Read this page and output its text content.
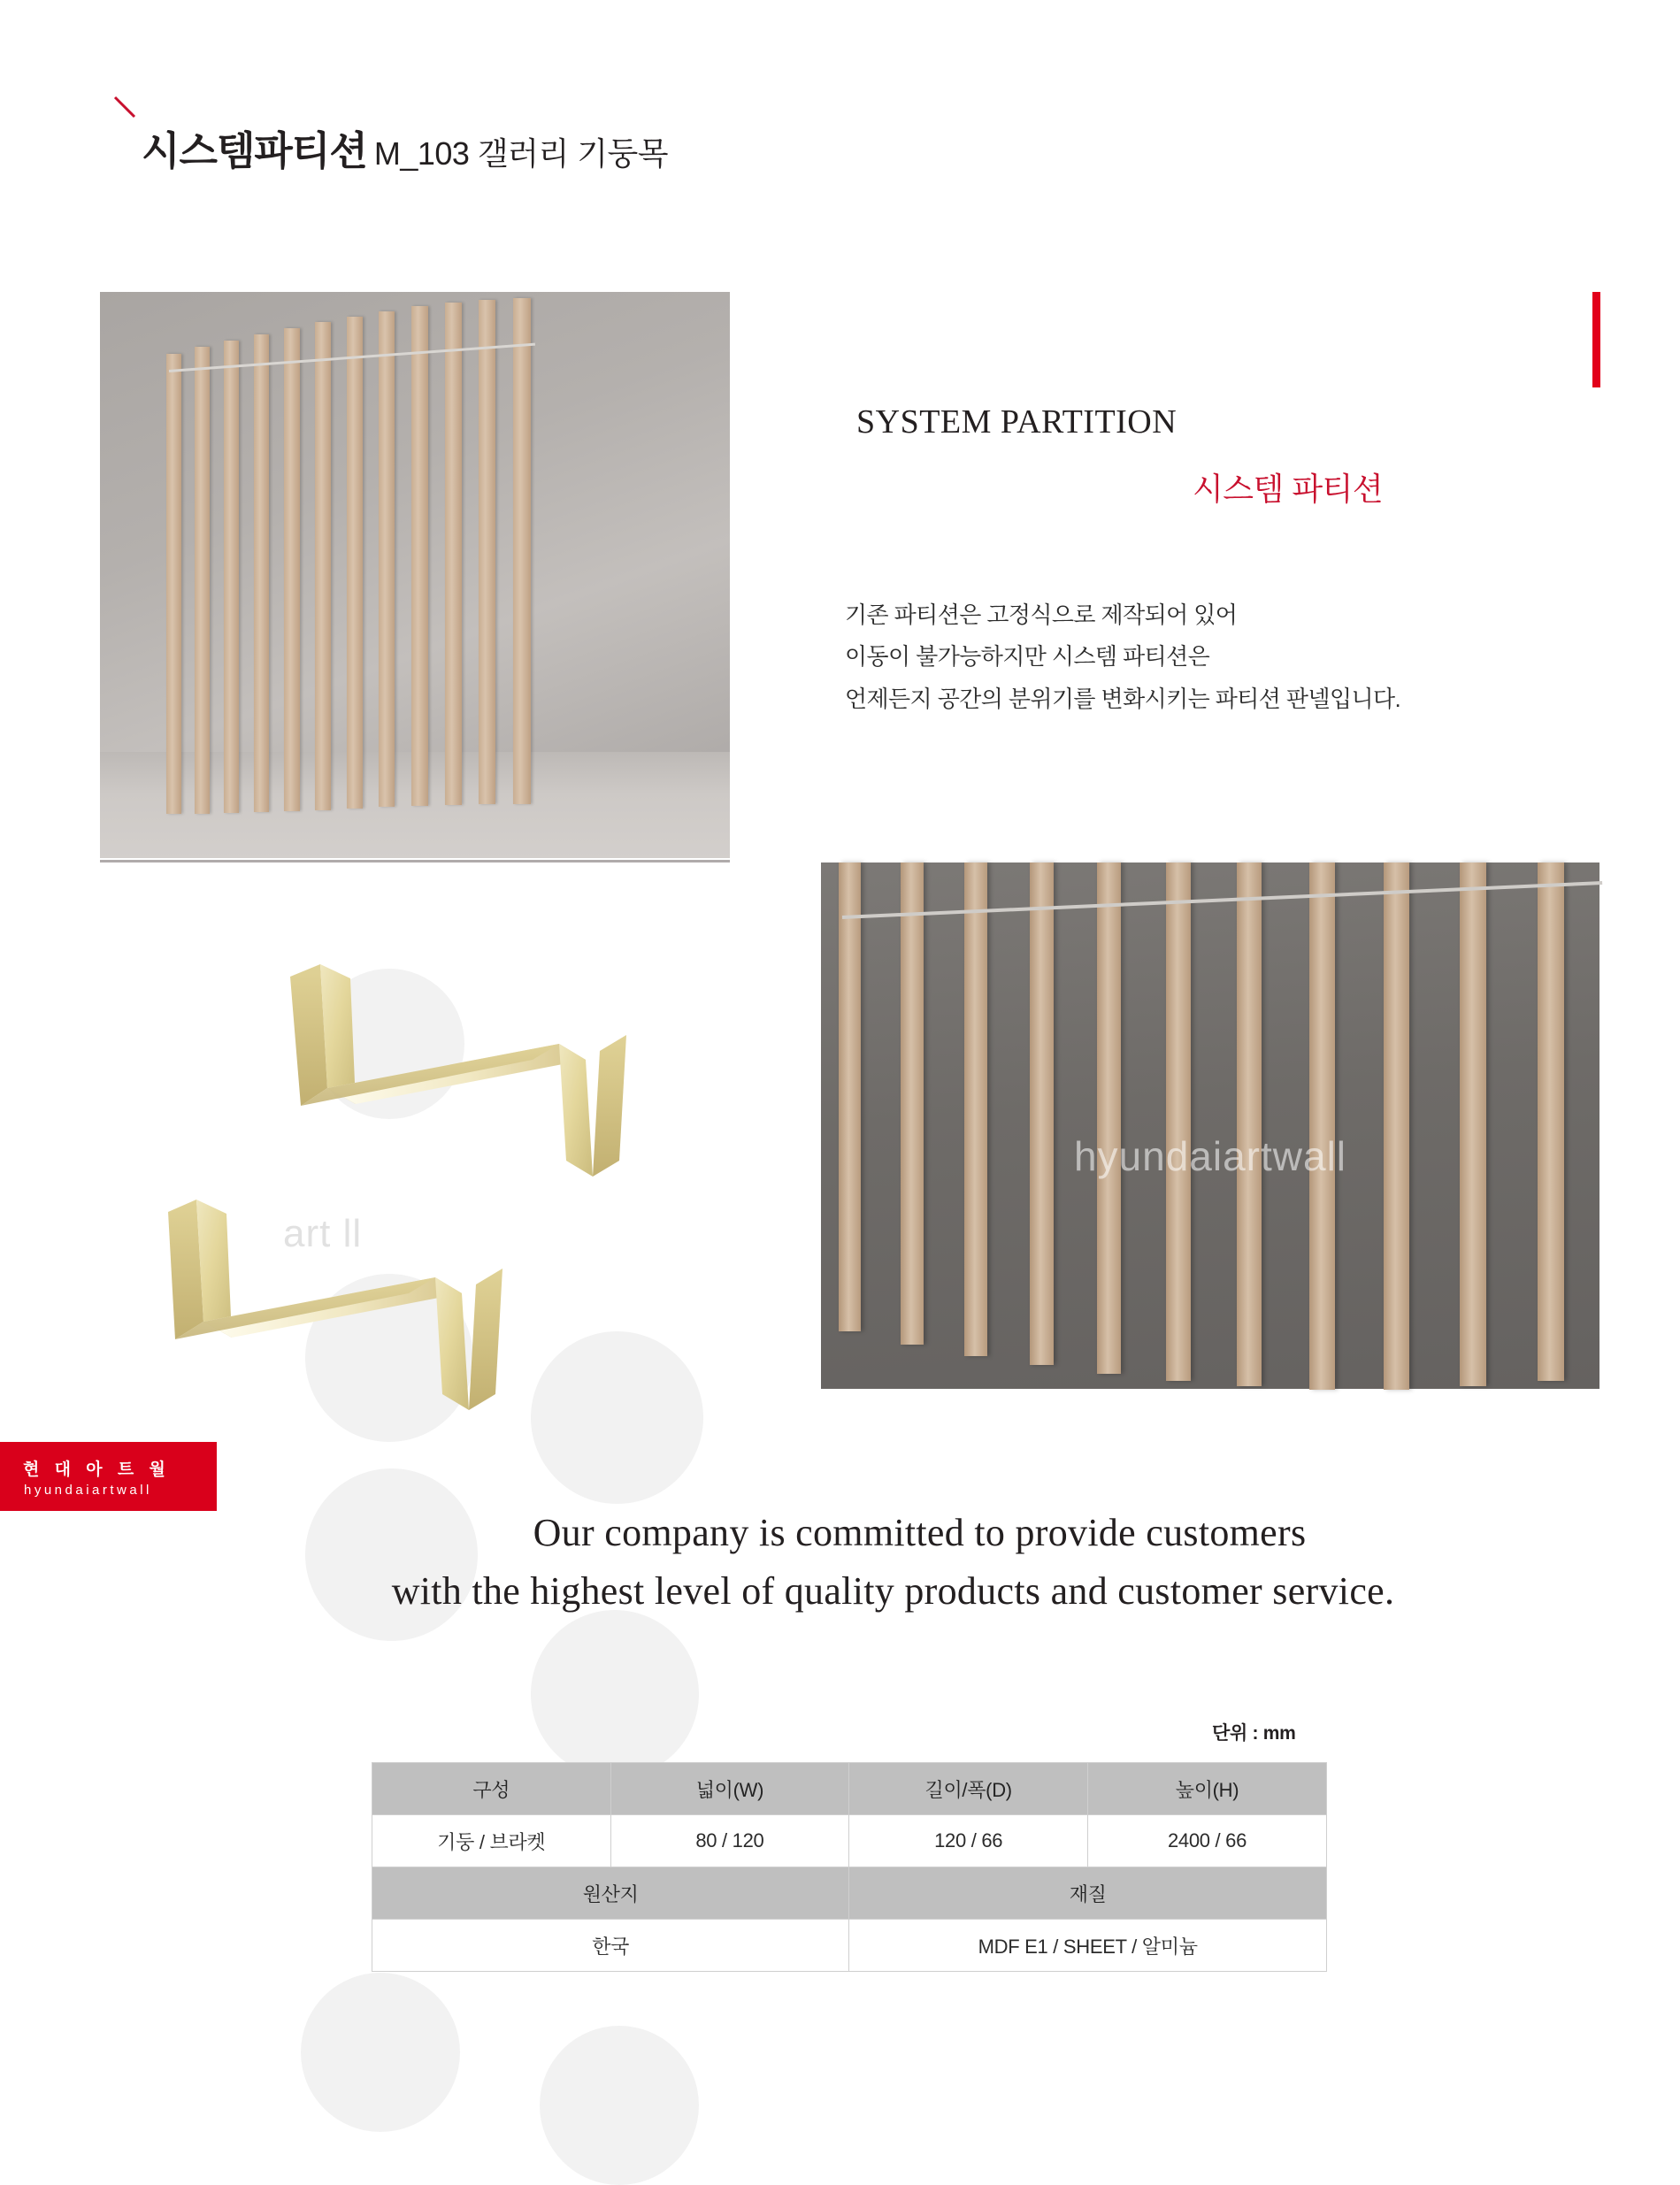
시스템파티션 M_103 갤러리 기둥목
hyundaiartwall
SYSTEM PARTITION
시스템 파티션
기존 파티션은 고정식으로 제작되어 있어
이동이 불가능하지만 시스템 파티션은
언제든지 공간의 분위기를 변화시키는 파티션 판넬입니다.
art ll
hyundaiartwall
현 대 아 트 월
hyundaiartwall
Our company is committed to provide customers
with the highest level of quality products and customer service.
단위 : mm
구성	넓이(W)	길이/폭(D)	높이(H)
기둥 / 브라켓	80 / 120	120 / 66	2400 / 66
원산지		재질	
한국		MDF E1 / SHEET / 알미늄	
